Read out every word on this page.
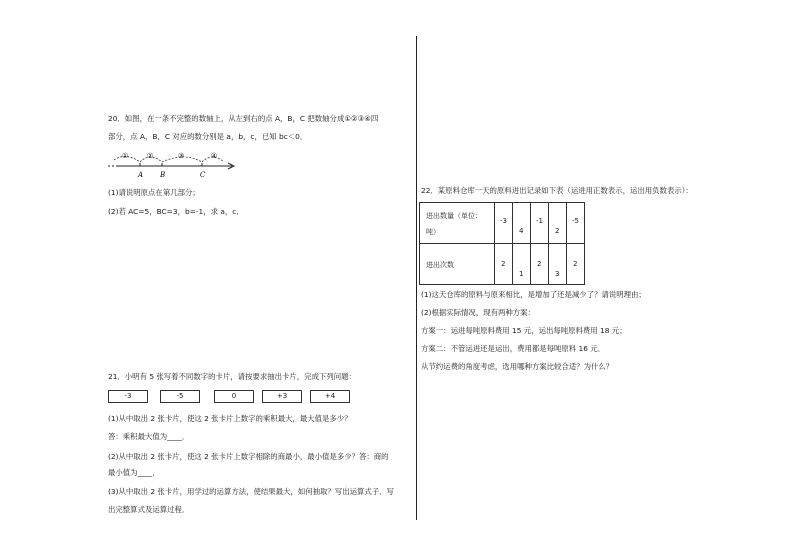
20．如图，在一条不完整的数轴上，从左到右的点 A，B，C 把数轴分成①②③④四
部分，点 A，B，C 对应的数分别是 a，b，c，已知 bc＜0．
①	②	③	④
A B	C
(1)请说明原点在第几部分；
(2)若 AC=5，BC=3，b=-1，求 a，c．
21．小明有 5 张写着不同数字的卡片，请按要求抽出卡片，完成下列问题：
-3	-5	0	+3	+4
(1)从中取出 2 张卡片，使这 2 张卡片上数字的乘积最大，最大值是多少？
答：乘积最大值为____．
(2)从中取出 2 张卡片，使这 2 张卡片上数字相除的商最小，最小值是多少？答：商的
最小值为____．
(3)从中取出 2 张卡片，用学过的运算方法，使结果最大，如何抽取？写出运算式子．写
出完整算式及运算过程．
22．某原料仓库一天的原料进出记录如下表（运进用正数表示，运出用负数表示）：
进出数量（单位：
吨）	-3	4	-1	2	-5

进出次数	2	1	2	3	2
(1)这天仓库的原料与原来相比，是增加了还是减少了？请说明理由；
(2)根据实际情况，现有两种方案：
方案一：运进每吨原料费用 15 元，运出每吨原料费用 18 元；
方案二：不管运进还是运出，费用都是每吨原料 16 元．
从节约运费的角度考虑，选用哪种方案比较合适？为什么？
